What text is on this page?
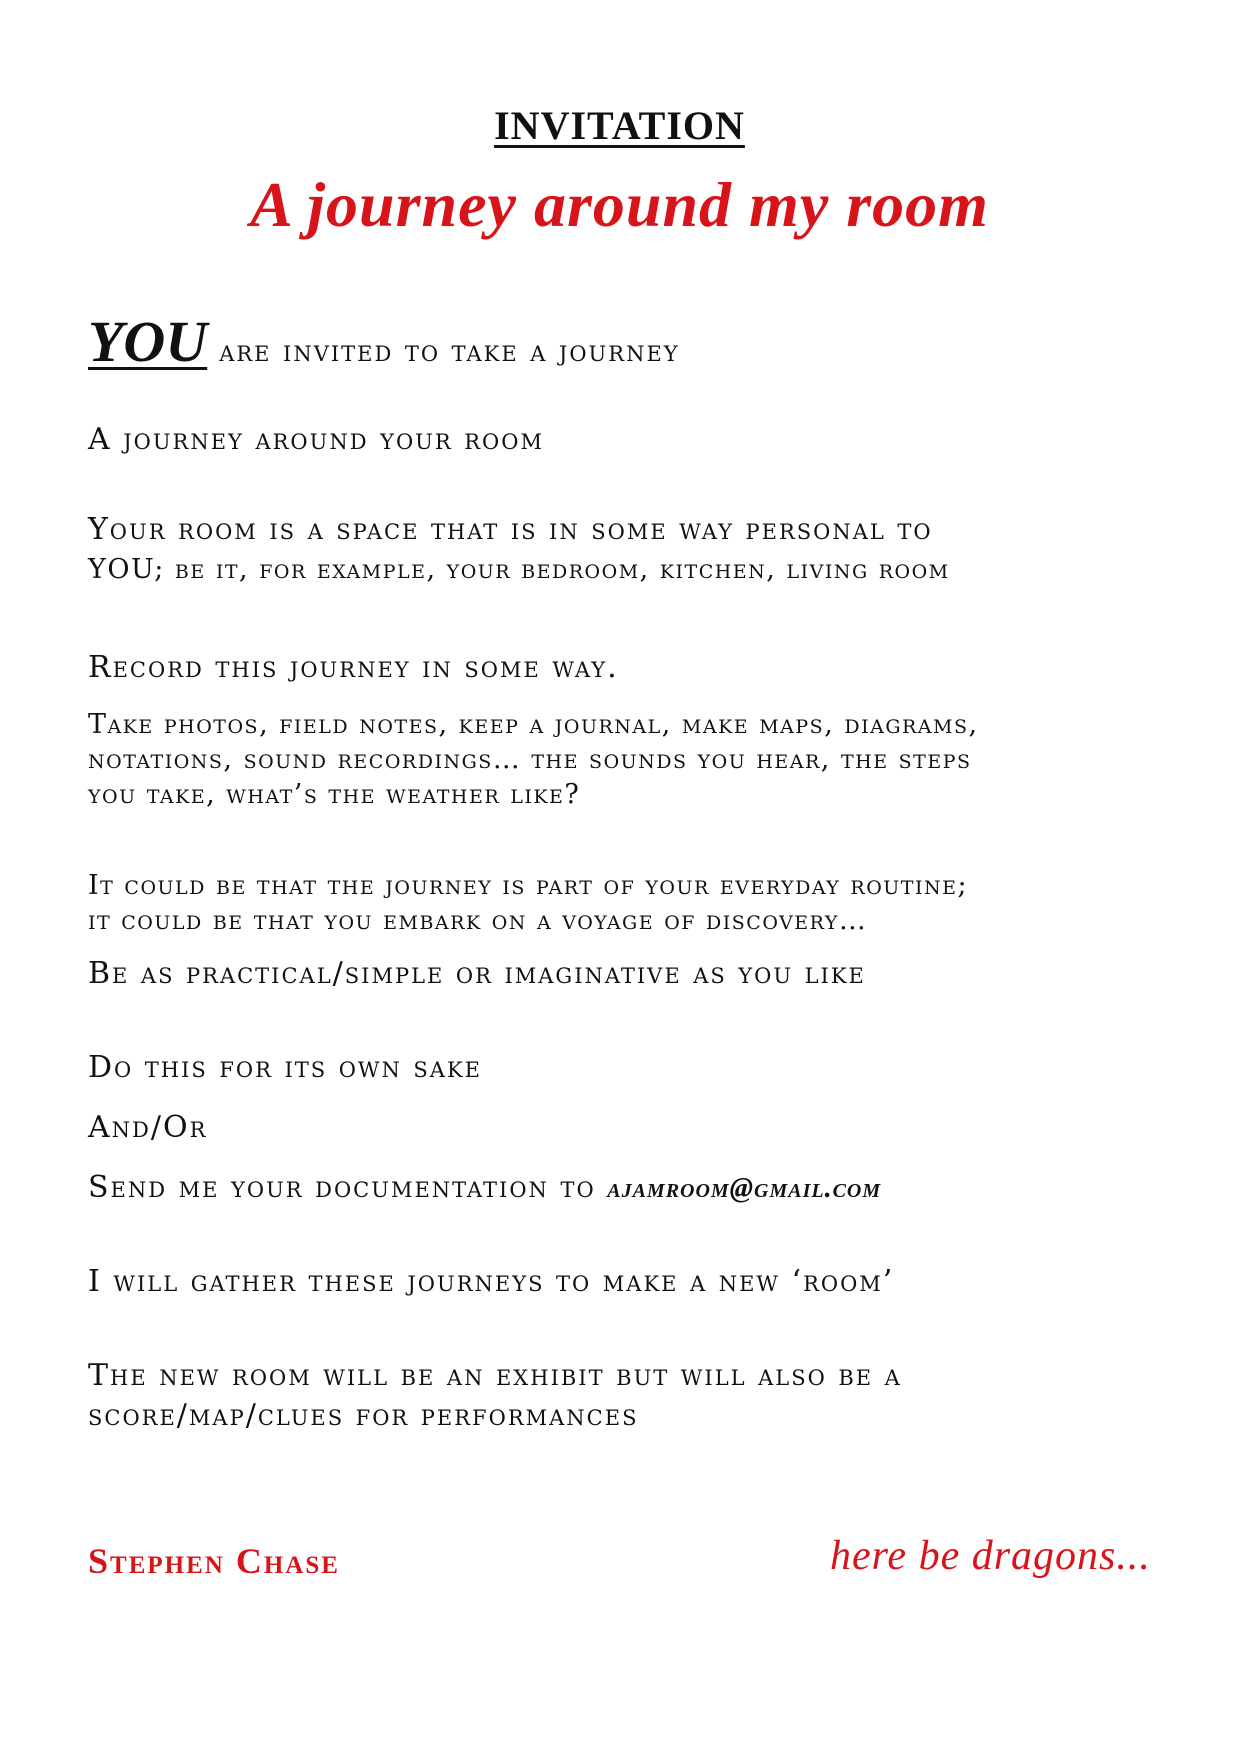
INVITATION
A journey around my room
YOU are invited to take a journey
A journey around your room
Your room is a space that is in some way personal to
YOU; be it, for example, your bedroom, kitchen, living room
Record this journey in some way.
Take photos, field notes, keep a journal, make maps, diagrams,
notations, sound recordings… the sounds you hear, the steps
you take, what’s the weather like?
It could be that the journey is part of your everyday routine;
it could be that you embark on a voyage of discovery…
Be as practical/simple or imaginative as you like
Do this for its own sake
And/Or
Send me your documentation to ajamroom@gmail.com
I will gather these journeys to make a new ‘room’
The new room will be an exhibit but will also be a
score/map/clues for performances
Stephen Chase	here be dragons...
